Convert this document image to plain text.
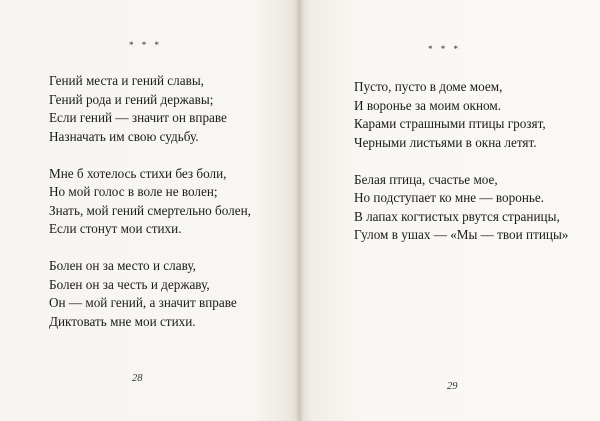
* * *
Гений места и гений славы,
Гений рода и гений державы;
Если гений — значит он вправе
Назначать им свою судьбу.
Мне б хотелось стихи без боли,
Но мой голос в воле не волен;
Знать, мой гений смертельно болен,
Если стонут мои стихи.
Болен он за место и славу,
Болен он за честь и державу,
Он — мой гений, а значит вправе
Диктовать мне мои стихи.
28
* * *
Пусто, пусто в доме моем,
И воронье за моим окном.
Карами страшными птицы грозят,
Черными листьями в окна летят.
Белая птица, счастье мое,
Но подступает ко мне — воронье.
В лапах когтистых рвутся страницы,
Гулом в ушах — «Мы — твои птицы»
29
